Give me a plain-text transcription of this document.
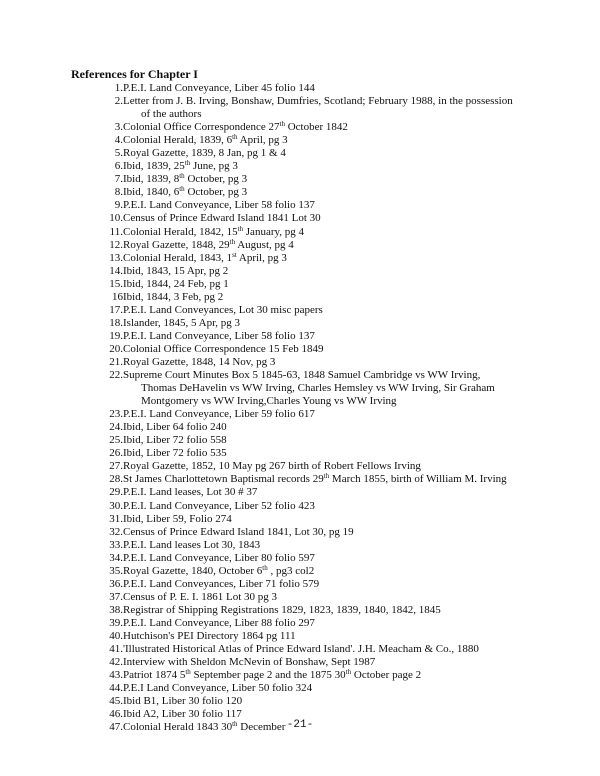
References for Chapter I
1. P.E.I. Land Conveyance, Liber 45 folio 144
2. Letter from J. B. Irving, Bonshaw, Dumfries, Scotland; February 1988, in the possession
of the authors
3. Colonial Office Correspondence 27th October 1842
4. Colonial Herald, 1839, 6th April, pg 3
5. Royal Gazette, 1839, 8 Jan, pg 1 & 4
6. Ibid, 1839, 25th June, pg 3
7. Ibid, 1839, 8th October, pg 3
8. Ibid, 1840, 6th October, pg 3
9. P.E.I. Land Conveyance, Liber 58 folio 137
10. Census of Prince Edward Island 1841 Lot 30
11. Colonial Herald, 1842, 15th January, pg 4
12. Royal Gazette, 1848, 29th August, pg 4
13. Colonial Herald, 1843, 1st April, pg 3
14. Ibid, 1843, 15 Apr, pg 2
15. Ibid, 1844, 24 Feb, pg 1
16 Ibid, 1844, 3 Feb, pg 2
17. P.E.I. Land Conveyances, Lot 30 misc papers
18. Islander, 1845, 5 Apr, pg 3
19. P.E.I. Land Conveyance, Liber 58 folio 137
20. Colonial Office Correspondence 15 Feb 1849
21. Royal Gazette, 1848, 14 Nov, pg 3
22. Supreme Court Minutes Box 5 1845-63, 1848 Samuel Cambridge vs WW Irving,
Thomas DeHavelin vs WW Irving, Charles Hemsley vs WW Irving, Sir Graham
Montgomery vs WW Irving,Charles Young vs WW Irving
23. P.E.I. Land Conveyance, Liber 59 folio 617
24. Ibid, Liber 64 folio 240
25. Ibid, Liber 72 folio 558
26. Ibid, Liber 72 folio 535
27. Royal Gazette, 1852, 10 May pg 267 birth of Robert Fellows Irving
28. St James Charlottetown Baptismal records 29th March 1855, birth of William M. Irving
29. P.E.I. Land leases, Lot 30 # 37
30. P.E.I. Land Conveyance, Liber 52 folio 423
31. Ibid, Liber 59, Folio 274
32. Census of Prince Edward Island 1841, Lot 30, pg 19
33. P.E.I. Land leases Lot 30, 1843
34. P.E.I. Land Conveyance, Liber 80 folio 597
35. Royal Gazette, 1840, October 6th , pg3 col2
36. P.E.I. Land Conveyances, Liber 71 folio 579
37. Census of P. E. I. 1861 Lot 30 pg 3
38. Registrar of Shipping Registrations 1829, 1823, 1839, 1840, 1842, 1845
39. P.E.I. Land Conveyance, Liber 88 folio 297
40. Hutchison's PEI Directory 1864 pg 111
41. 'Illustrated Historical Atlas of Prince Edward Island'. J.H. Meacham & Co., 1880
42. Interview with Sheldon McNevin of Bonshaw, Sept 1987
43. Patriot 1874 5th September page 2 and the 1875 30th October page 2
44. P.E.I Land Conveyance, Liber 50 folio 324
45. Ibid B1, Liber 30 folio 120
46. Ibid A2, Liber 30 folio 117
47. Colonial Herald 1843 30th December -21-
